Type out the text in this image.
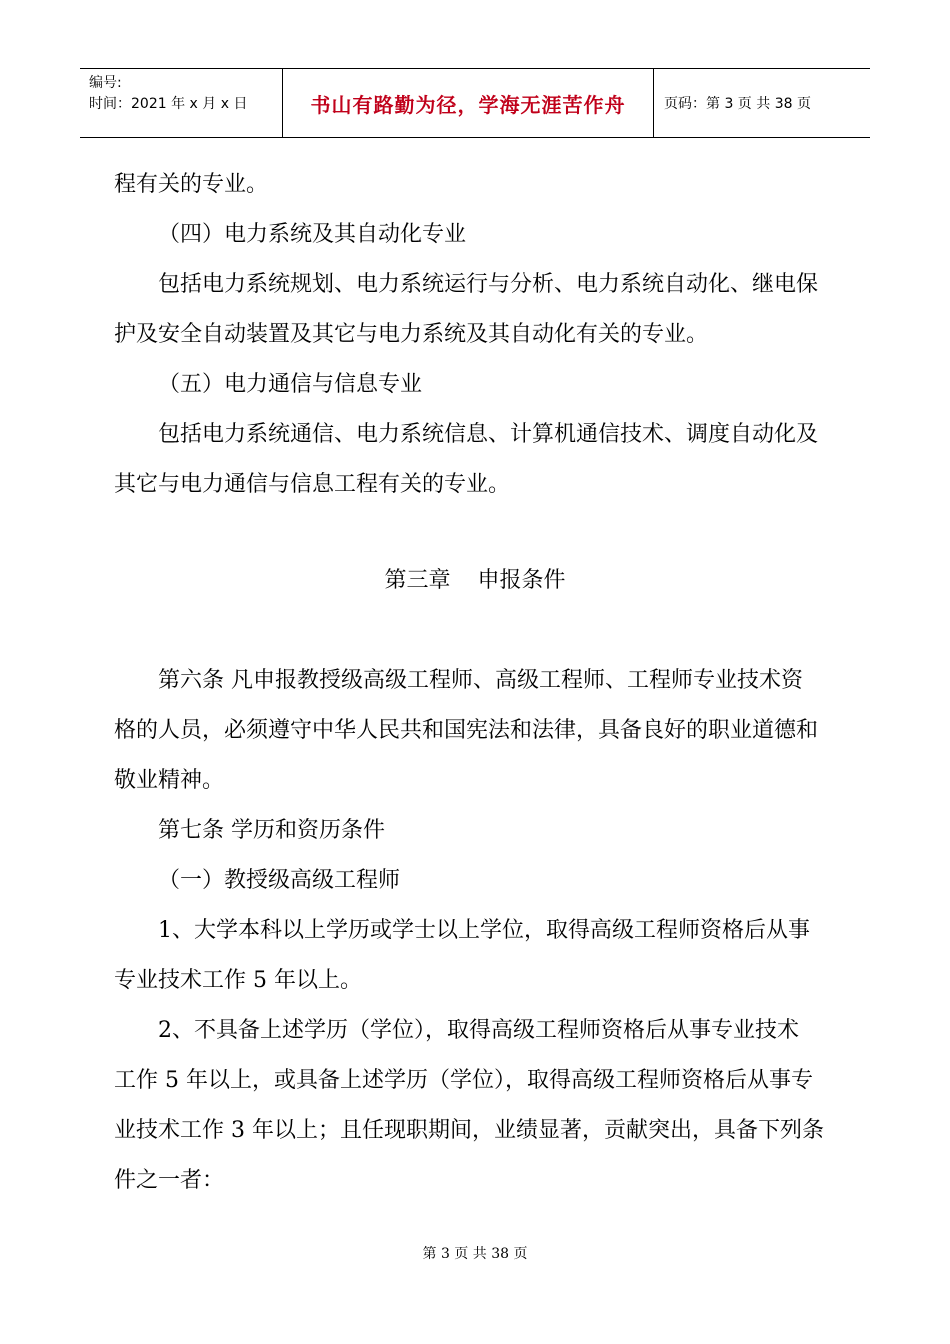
编号:
时间：2021 年 x 月 x 日	书山有路勤为径，学海无涯苦作舟	页码：第 3 页 共 38 页

程有关的专业。

（四）电力系统及其自动化专业

包括电力系统规划、电力系统运行与分析、电力系统自动化、继电保

护及安全自动装置及其它与电力系统及其自动化有关的专业。

（五）电力通信与信息专业

包括电力系统通信、电力系统信息、计算机通信技术、调度自动化及

其它与电力通信与信息工程有关的专业。

第三章 申报条件

第六条 凡申报教授级高级工程师、高级工程师、工程师专业技术资

格的人员，必须遵守中华人民共和国宪法和法律，具备良好的职业道德和

敬业精神。

第七条 学历和资历条件

（一）教授级高级工程师

1、大学本科以上学历或学士以上学位，取得高级工程师资格后从事

专业技术工作 5 年以上。

2、不具备上述学历（学位），取得高级工程师资格后从事专业技术

工作 5 年以上，或具备上述学历（学位），取得高级工程师资格后从事专

业技术工作 3 年以上；且任现职期间，业绩显著，贡献突出，具备下列条

件之一者：

第 3 页 共 38 页
